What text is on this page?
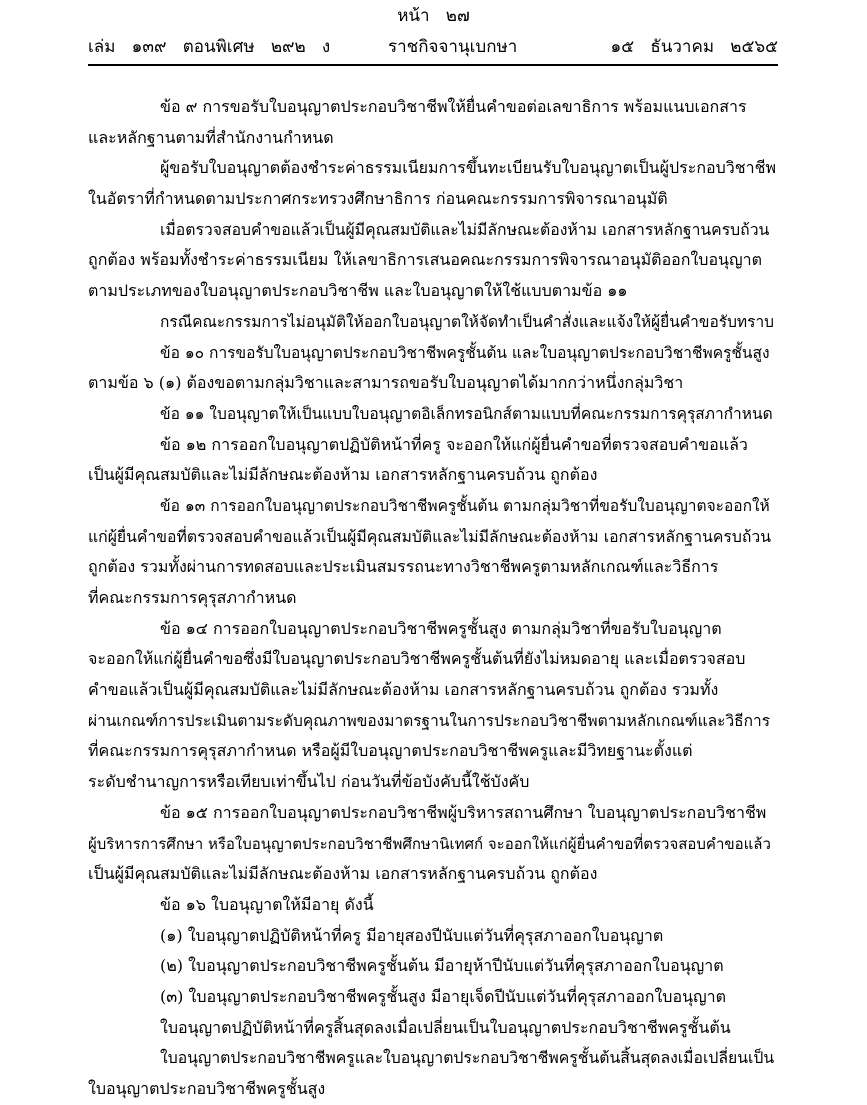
หน้า   ๒๗
เล่ม   ๑๓๙   ตอนพิเศษ   ๒๙๒   ง	ราชกิจจานุเบกษา	๑๕   ธันวาคม   ๒๕๖๕
ข้อ ๙ การขอรับใบอนุญาตประกอบวิชาชีพให้ยื่นคำขอต่อเลขาธิการ พร้อมแนบเอกสาร
และหลักฐานตามที่สำนักงานกำหนด
ผู้ขอรับใบอนุญาตต้องชำระค่าธรรมเนียมการขึ้นทะเบียนรับใบอนุญาตเป็นผู้ประกอบวิชาชีพ
ในอัตราที่กำหนดตามประกาศกระทรวงศึกษาธิการ ก่อนคณะกรรมการพิจารณาอนุมัติ
เมื่อตรวจสอบคำขอแล้วเป็นผู้มีคุณสมบัติและไม่มีลักษณะต้องห้าม เอกสารหลักฐานครบถ้วน
ถูกต้อง พร้อมทั้งชำระค่าธรรมเนียม ให้เลขาธิการเสนอคณะกรรมการพิจารณาอนุมัติออกใบอนุญาต
ตามประเภทของใบอนุญาตประกอบวิชาชีพ และใบอนุญาตให้ใช้แบบตามข้อ ๑๑
กรณีคณะกรรมการไม่อนุมัติให้ออกใบอนุญาตให้จัดทำเป็นคำสั่งและแจ้งให้ผู้ยื่นคำขอรับทราบ
ข้อ ๑๐ การขอรับใบอนุญาตประกอบวิชาชีพครูชั้นต้น และใบอนุญาตประกอบวิชาชีพครูชั้นสูง
ตามข้อ ๖ (๑) ต้องขอตามกลุ่มวิชาและสามารถขอรับใบอนุญาตได้มากกว่าหนึ่งกลุ่มวิชา
ข้อ ๑๑ ใบอนุญาตให้เป็นแบบใบอนุญาตอิเล็กทรอนิกส์ตามแบบที่คณะกรรมการคุรุสภากำหนด
ข้อ ๑๒ การออกใบอนุญาตปฏิบัติหน้าที่ครู จะออกให้แก่ผู้ยื่นคำขอที่ตรวจสอบคำขอแล้ว
เป็นผู้มีคุณสมบัติและไม่มีลักษณะต้องห้าม เอกสารหลักฐานครบถ้วน ถูกต้อง
ข้อ ๑๓ การออกใบอนุญาตประกอบวิชาชีพครูชั้นต้น ตามกลุ่มวิชาที่ขอรับใบอนุญาตจะออกให้
แก่ผู้ยื่นคำขอที่ตรวจสอบคำขอแล้วเป็นผู้มีคุณสมบัติและไม่มีลักษณะต้องห้าม เอกสารหลักฐานครบถ้วน
ถูกต้อง รวมทั้งผ่านการทดสอบและประเมินสมรรถนะทางวิชาชีพครูตามหลักเกณฑ์และวิธีการ
ที่คณะกรรมการคุรุสภากำหนด
ข้อ ๑๔ การออกใบอนุญาตประกอบวิชาชีพครูชั้นสูง ตามกลุ่มวิชาที่ขอรับใบอนุญาต
จะออกให้แก่ผู้ยื่นคำขอซึ่งมีใบอนุญาตประกอบวิชาชีพครูชั้นต้นที่ยังไม่หมดอายุ และเมื่อตรวจสอบ
คำขอแล้วเป็นผู้มีคุณสมบัติและไม่มีลักษณะต้องห้าม เอกสารหลักฐานครบถ้วน ถูกต้อง รวมทั้ง
ผ่านเกณฑ์การประเมินตามระดับคุณภาพของมาตรฐานในการประกอบวิชาชีพตามหลักเกณฑ์และวิธีการ
ที่คณะกรรมการคุรุสภากำหนด หรือผู้มีใบอนุญาตประกอบวิชาชีพครูและมีวิทยฐานะตั้งแต่
ระดับชำนาญการหรือเทียบเท่าขึ้นไป ก่อนวันที่ข้อบังคับนี้ใช้บังคับ
ข้อ ๑๕ การออกใบอนุญาตประกอบวิชาชีพผู้บริหารสถานศึกษา ใบอนุญาตประกอบวิชาชีพ
ผู้บริหารการศึกษา หรือใบอนุญาตประกอบวิชาชีพศึกษานิเทศก์ จะออกให้แก่ผู้ยื่นคำขอที่ตรวจสอบคำขอแล้ว
เป็นผู้มีคุณสมบัติและไม่มีลักษณะต้องห้าม เอกสารหลักฐานครบถ้วน ถูกต้อง
ข้อ ๑๖ ใบอนุญาตให้มีอายุ ดังนี้
(๑) ใบอนุญาตปฏิบัติหน้าที่ครู มีอายุสองปีนับแต่วันที่คุรุสภาออกใบอนุญาต
(๒) ใบอนุญาตประกอบวิชาชีพครูชั้นต้น มีอายุห้าปีนับแต่วันที่คุรุสภาออกใบอนุญาต
(๓) ใบอนุญาตประกอบวิชาชีพครูชั้นสูง มีอายุเจ็ดปีนับแต่วันที่คุรุสภาออกใบอนุญาต
ใบอนุญาตปฏิบัติหน้าที่ครูสิ้นสุดลงเมื่อเปลี่ยนเป็นใบอนุญาตประกอบวิชาชีพครูชั้นต้น
ใบอนุญาตประกอบวิชาชีพครูและใบอนุญาตประกอบวิชาชีพครูชั้นต้นสิ้นสุดลงเมื่อเปลี่ยนเป็น
ใบอนุญาตประกอบวิชาชีพครูชั้นสูง
